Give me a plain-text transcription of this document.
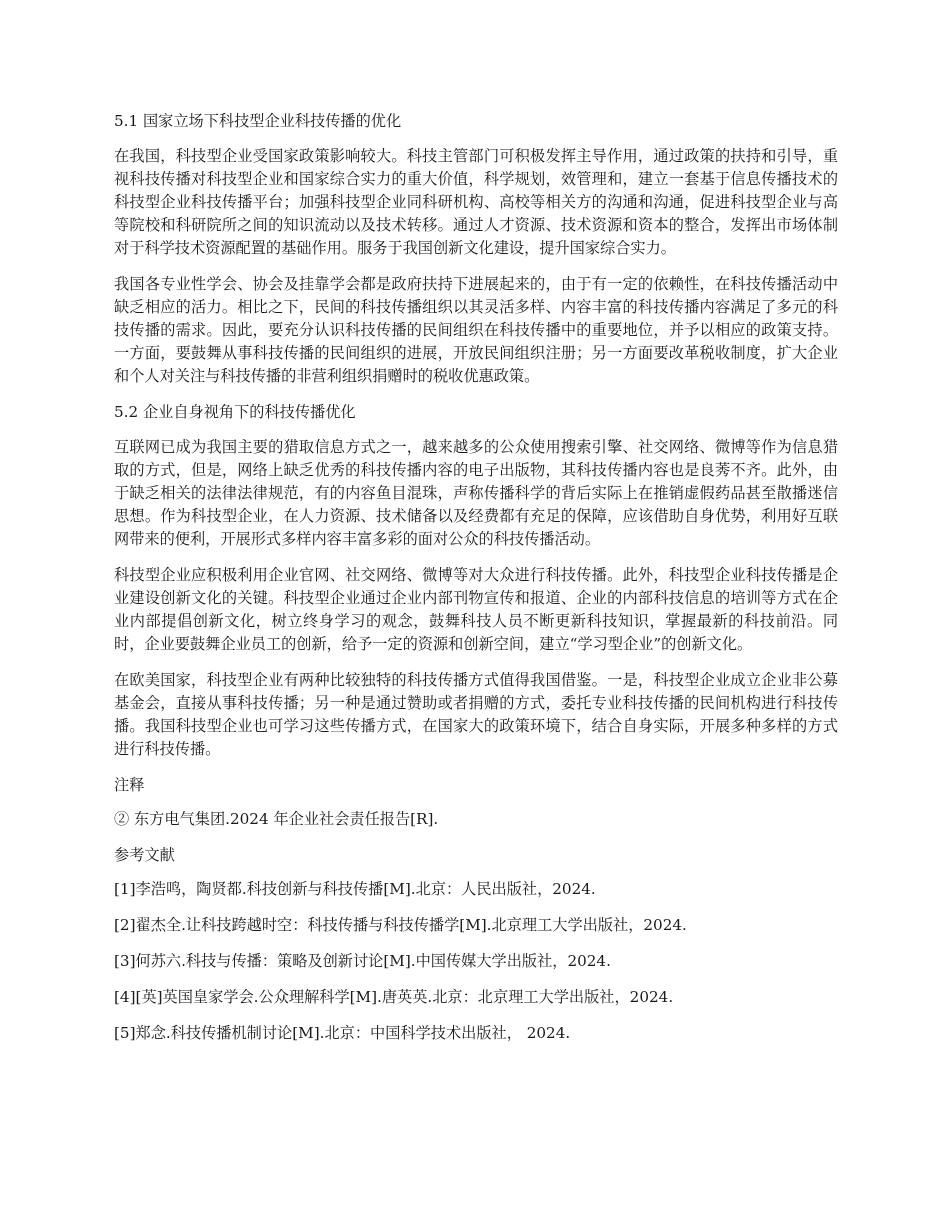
5.1 国家立场下科技型企业科技传播的优化

在我国，科技型企业受国家政策影响较大。科技主管部门可积极发挥主导作用，通过政策的扶持和引导，重视科技传播对科技型企业和国家综合实力的重大价值，科学规划，效管理和，建立一套基于信息传播技术的科技型企业科技传播平台；加强科技型企业同科研机构、高校等相关方的沟通和沟通，促进科技型企业与高等院校和科研院所之间的知识流动以及技术转移。通过人才资源、技术资源和资本的整合，发挥出市场体制对于科学技术资源配置的基础作用。服务于我国创新文化建设，提升国家综合实力。

我国各专业性学会、协会及挂靠学会都是政府扶持下进展起来的，由于有一定的依赖性，在科技传播活动中缺乏相应的活力。相比之下，民间的科技传播组织以其灵活多样、内容丰富的科技传播内容满足了多元的科技传播的需求。因此，要充分认识科技传播的民间组织在科技传播中的重要地位，并予以相应的政策支持。一方面，要鼓舞从事科技传播的民间组织的进展，开放民间组织注册；另一方面要改革税收制度，扩大企业和个人对关注与科技传播的非营利组织捐赠时的税收优惠政策。

5.2 企业自身视角下的科技传播优化

互联网已成为我国主要的猎取信息方式之一，越来越多的公众使用搜索引擎、社交网络、微博等作为信息猎取的方式，但是，网络上缺乏优秀的科技传播内容的电子出版物，其科技传播内容也是良莠不齐。此外，由于缺乏相关的法律法律规范，有的内容鱼目混珠，声称传播科学的背后实际上在推销虚假药品甚至散播迷信思想。作为科技型企业，在人力资源、技术储备以及经费都有充足的保障，应该借助自身优势，利用好互联网带来的便利，开展形式多样内容丰富多彩的面对公众的科技传播活动。

科技型企业应积极利用企业官网、社交网络、微博等对大众进行科技传播。此外，科技型企业科技传播是企业建设创新文化的关键。科技型企业通过企业内部刊物宣传和报道、企业的内部科技信息的培训等方式在企业内部提倡创新文化，树立终身学习的观念，鼓舞科技人员不断更新科技知识，掌握最新的科技前沿。同时，企业要鼓舞企业员工的创新，给予一定的资源和创新空间，建立“学习型企业”的创新文化。

在欧美国家，科技型企业有两种比较独特的科技传播方式值得我国借鉴。一是，科技型企业成立企业非公募基金会，直接从事科技传播；另一种是通过赞助或者捐赠的方式，委托专业科技传播的民间机构进行科技传播。我国科技型企业也可学习这些传播方式，在国家大的政策环境下，结合自身实际，开展多种多样的方式进行科技传播。

注释

② 东方电气集团.2024 年企业社会责任报告[R].

参考文献

[1]李浩鸣，陶贤都.科技创新与科技传播[M].北京：人民出版社，2024.

[2]翟杰全.让科技跨越时空：科技传播与科技传播学[M].北京理工大学出版社，2024.

[3]何苏六.科技与传播：策略及创新讨论[M].中国传媒大学出版社，2024.

[4][英]英国皇家学会.公众理解科学[M].唐英英.北京：北京理工大学出版社，2024.

[5]郑念.科技传播机制讨论[M].北京：中国科学技术出版社， 2024.
